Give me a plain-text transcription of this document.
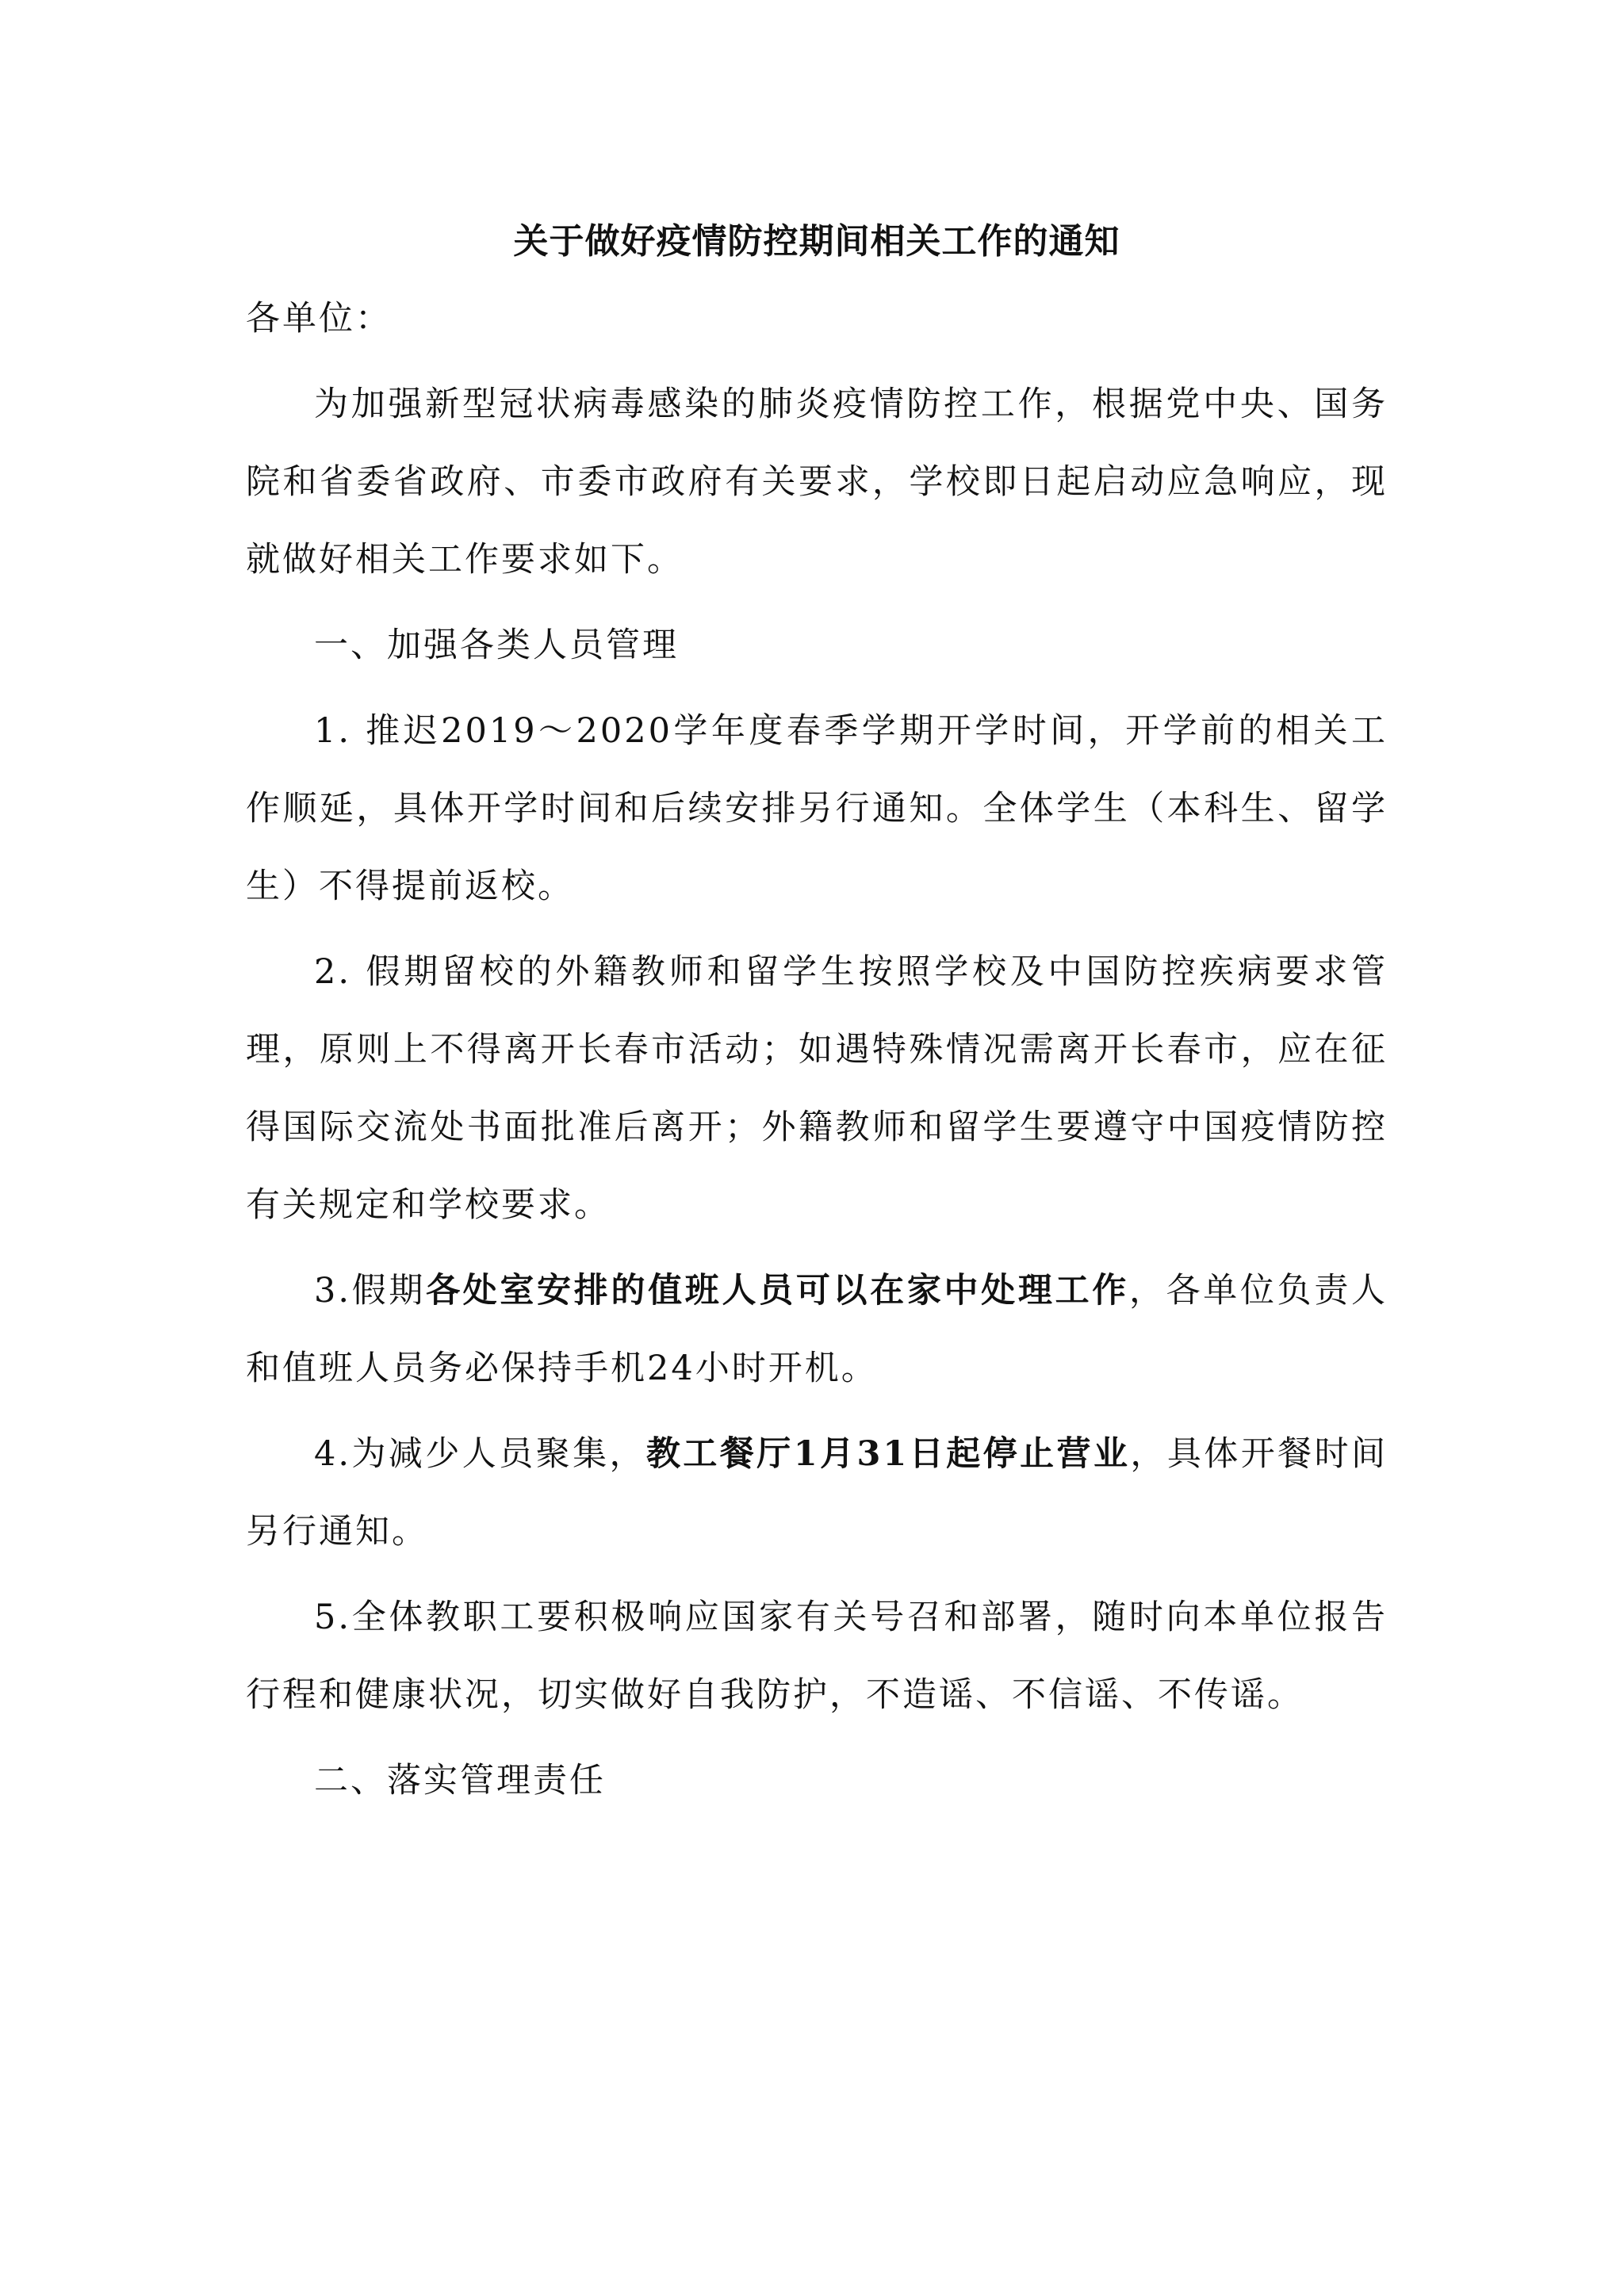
关于做好疫情防控期间相关工作的通知

各单位：

为加强新型冠状病毒感染的肺炎疫情防控工作，根据党中央、国务院和省委省政府、市委市政府有关要求，学校即日起启动应急响应，现就做好相关工作要求如下。

一、加强各类人员管理

1. 推迟2019～2020学年度春季学期开学时间，开学前的相关工作顺延，具体开学时间和后续安排另行通知。全体学生（本科生、留学生）不得提前返校。

2. 假期留校的外籍教师和留学生按照学校及中国防控疾病要求管理，原则上不得离开长春市活动；如遇特殊情况需离开长春市，应在征得国际交流处书面批准后离开；外籍教师和留学生要遵守中国疫情防控有关规定和学校要求。

3.假期各处室安排的值班人员可以在家中处理工作，各单位负责人和值班人员务必保持手机24小时开机。

4.为减少人员聚集，教工餐厅1月31日起停止营业，具体开餐时间另行通知。

5.全体教职工要积极响应国家有关号召和部署，随时向本单位报告行程和健康状况，切实做好自我防护，不造谣、不信谣、不传谣。

二、落实管理责任
